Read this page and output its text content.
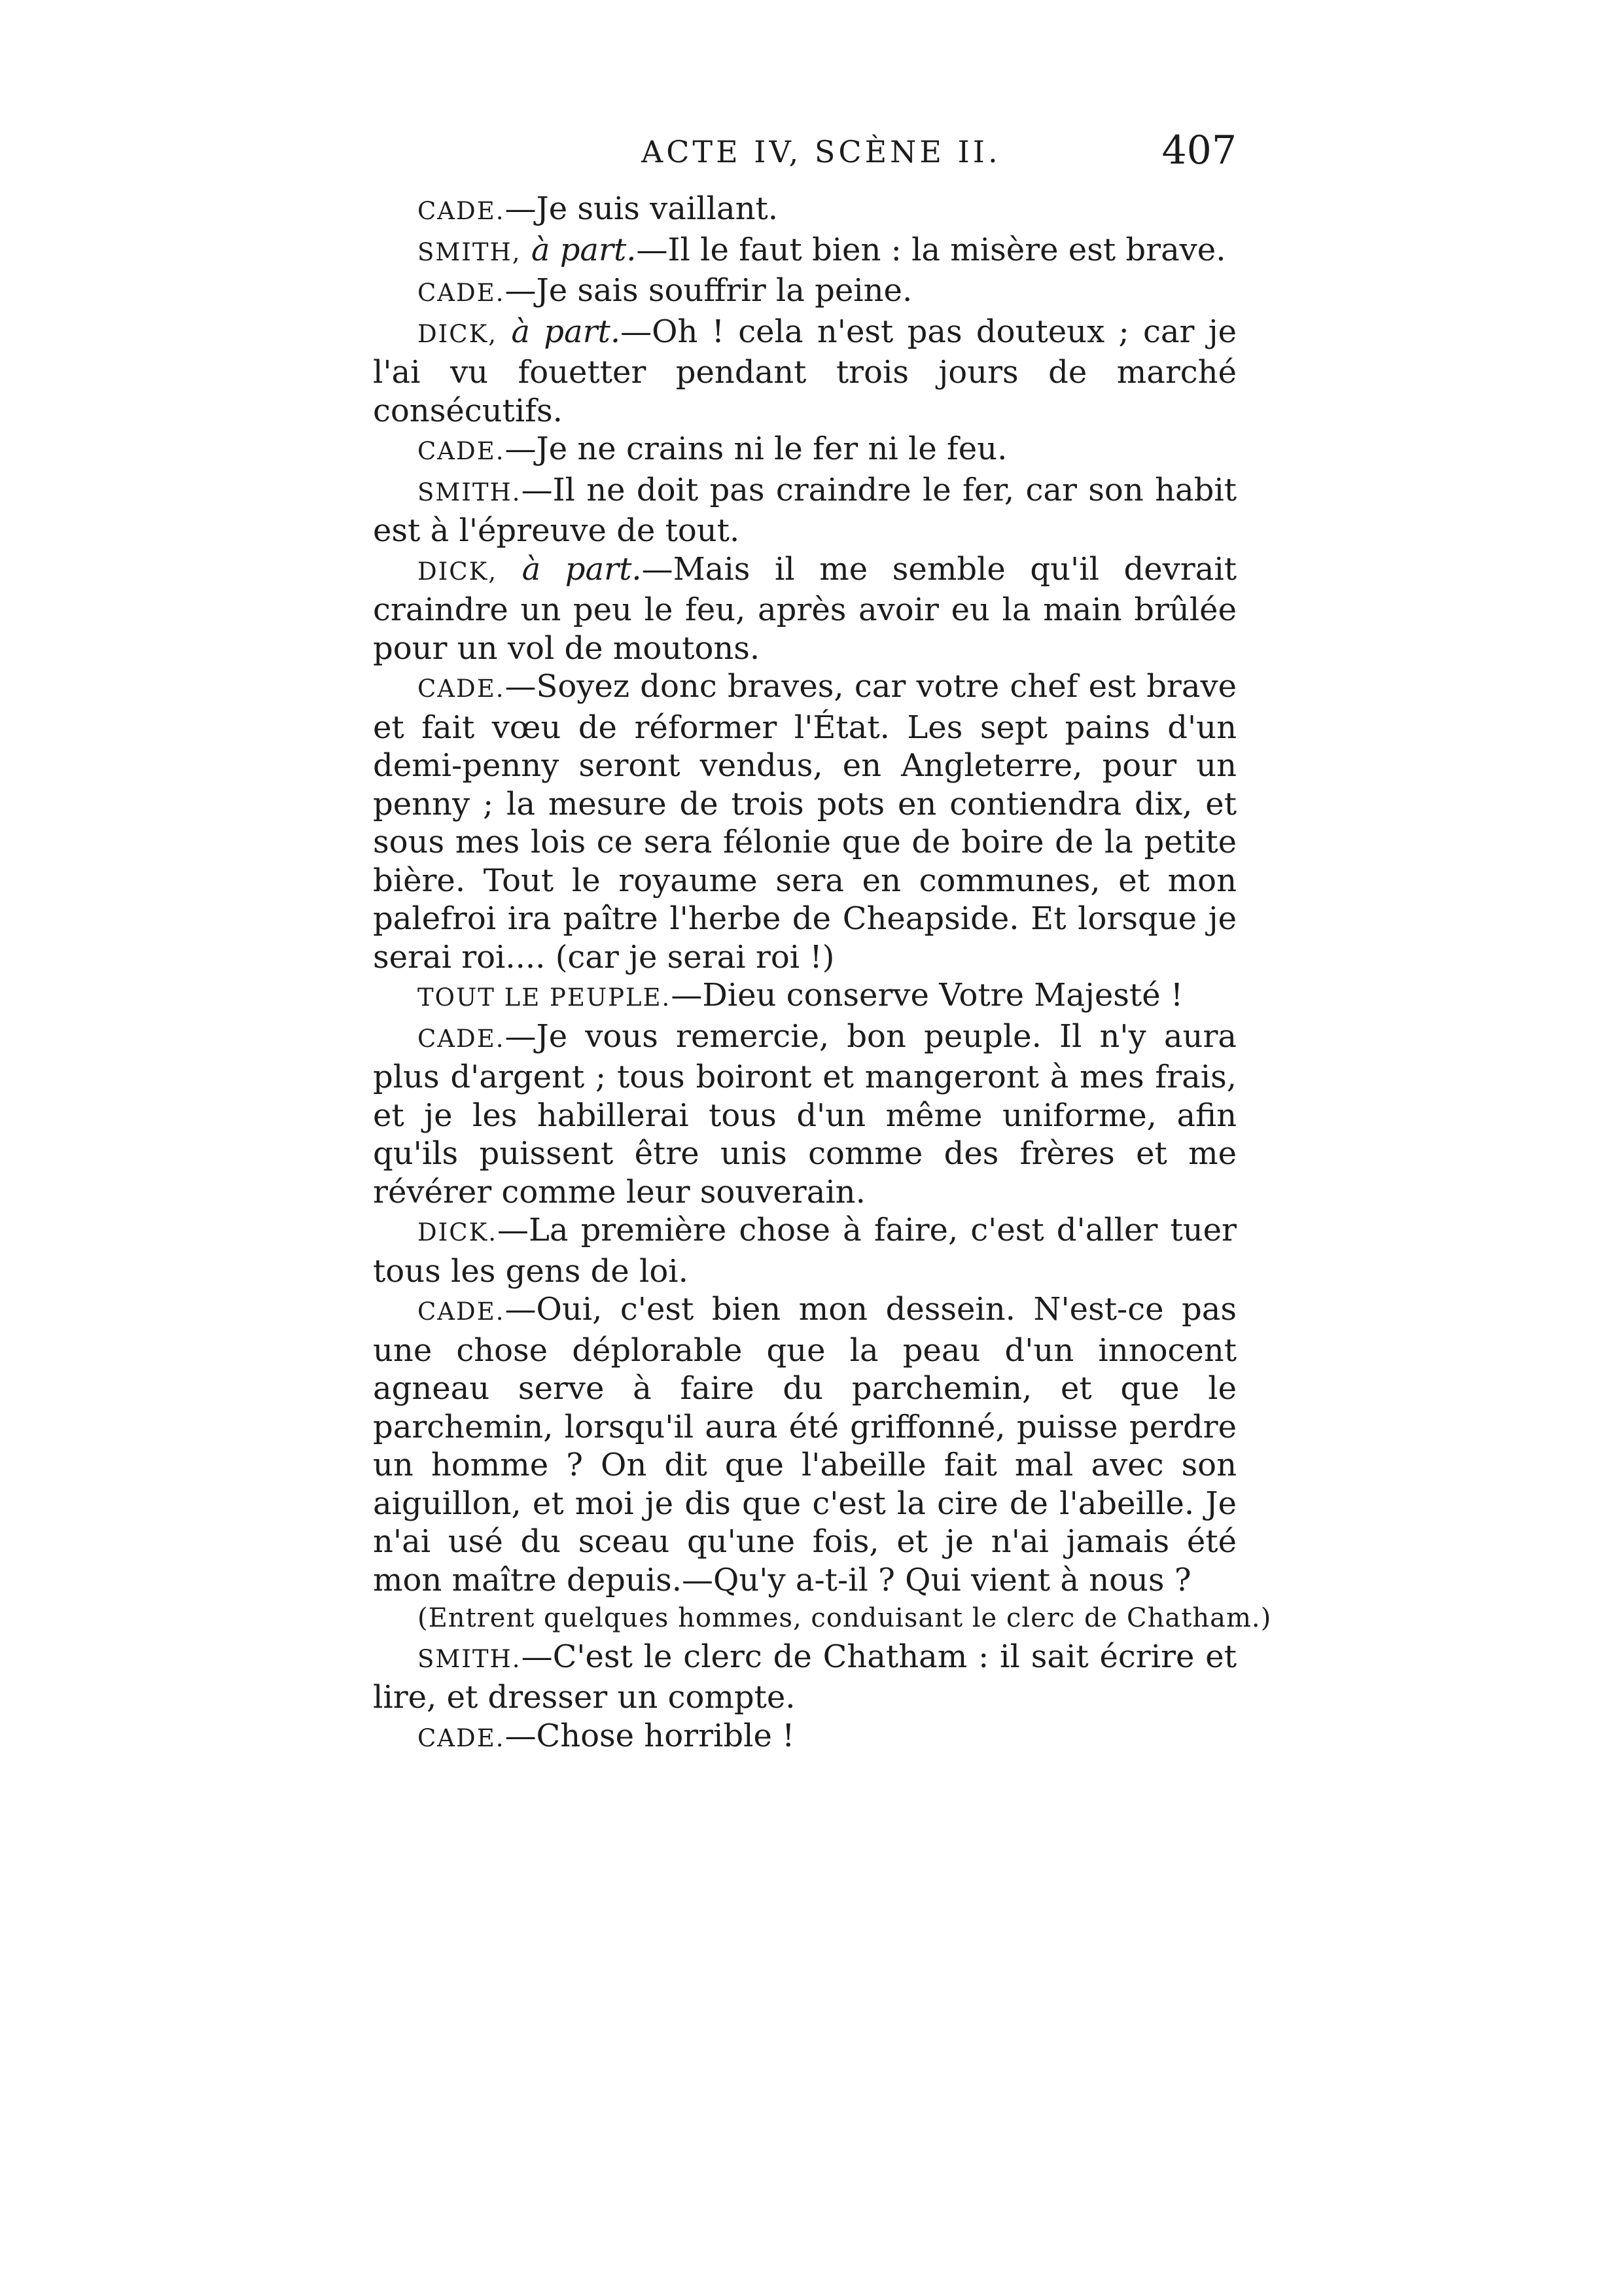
ACTE IV, SCÈNE II.	407

CADE.—Je suis vaillant.

SMITH, à part.—Il le faut bien : la misère est brave.

CADE.—Je sais souffrir la peine.

DICK, à part.—Oh ! cela n'est pas douteux ; car je l'ai vu fouetter pendant trois jours de marché consécutifs.

CADE.—Je ne crains ni le fer ni le feu.

SMITH.—Il ne doit pas craindre le fer, car son habit est à l'épreuve de tout.

DICK, à part.—Mais il me semble qu'il devrait craindre un peu le feu, après avoir eu la main brûlée pour un vol de moutons.

CADE.—Soyez donc braves, car votre chef est brave et fait vœu de réformer l'État. Les sept pains d'un demi-penny seront vendus, en Angleterre, pour un penny ; la mesure de trois pots en contiendra dix, et sous mes lois ce sera félonie que de boire de la petite bière. Tout le royaume sera en communes, et mon palefroi ira paître l'herbe de Cheapside. Et lorsque je serai roi.... (car je serai roi !)

TOUT LE PEUPLE.—Dieu conserve Votre Majesté !

CADE.—Je vous remercie, bon peuple. Il n'y aura plus d'argent ; tous boiront et mangeront à mes frais, et je les habillerai tous d'un même uniforme, afin qu'ils puissent être unis comme des frères et me révérer comme leur souverain.

DICK.—La première chose à faire, c'est d'aller tuer tous les gens de loi.

CADE.—Oui, c'est bien mon dessein. N'est-ce pas une chose déplorable que la peau d'un innocent agneau serve à faire du parchemin, et que le parchemin, lorsqu'il aura été griffonné, puisse perdre un homme ? On dit que l'abeille fait mal avec son aiguillon, et moi je dis que c'est la cire de l'abeille. Je n'ai usé du sceau qu'une fois, et je n'ai jamais été mon maître depuis.—Qu'y a-t-il ? Qui vient à nous ?

(Entrent quelques hommes, conduisant le clerc de Chatham.)

SMITH.—C'est le clerc de Chatham : il sait écrire et lire, et dresser un compte.

CADE.—Chose horrible !
